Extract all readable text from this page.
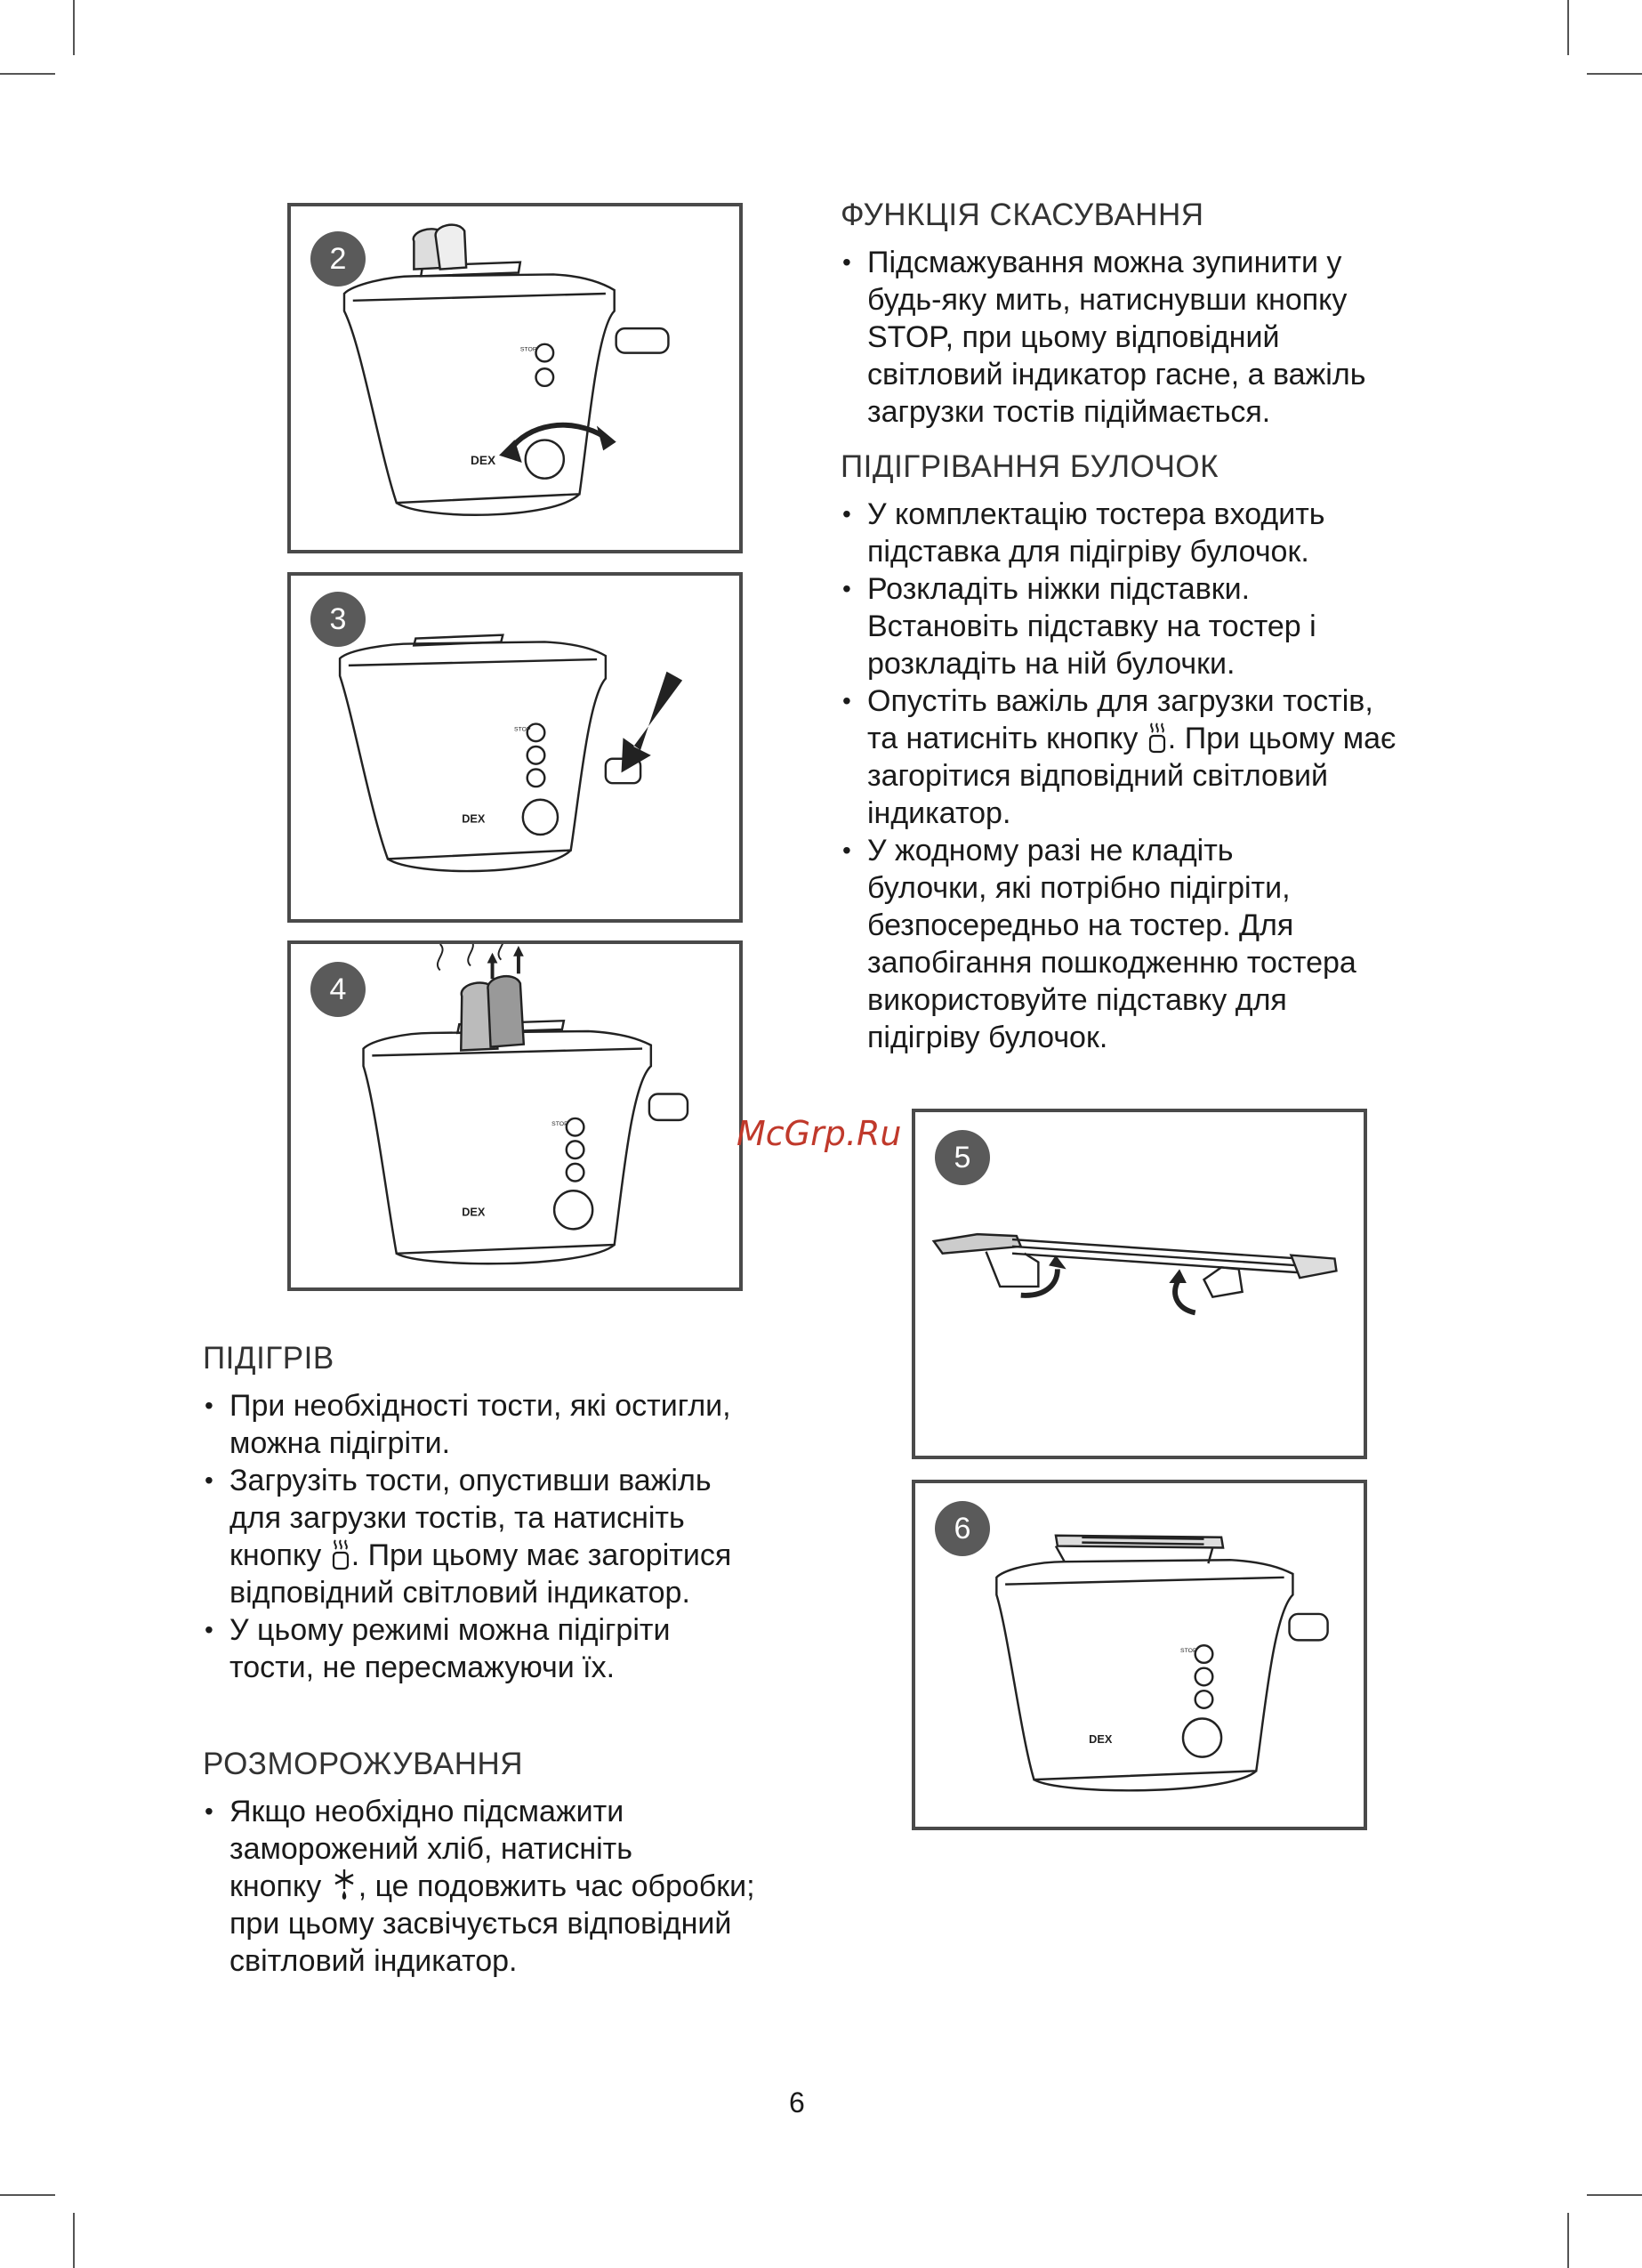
2
DEX
STOP
3
DEX
STOP
4
DEX
STOP
5
6
DEX
STOP
ФУНКЦІЯ СКАСУВАННЯ
• Підсмажування можна зупинити у
будь-яку мить, натиснувши кнопку
STOP, при цьому відповідний
світловий індикатор гасне, а важіль
загрузки тостів підіймається.
ПІДІГРІВАННЯ БУЛОЧОК
• У комплектацію тостера входить
підставка для підігріву булочок.
• Розкладіть ніжки підставки.
Встановіть підставку на тостер і
розкладіть на ній булочки.
• Опустіть важіль для загрузки тостів,
та натисніть кнопку . При цьому має
загорітися відповідний світловий
індикатор.
• У жодному разі не кладіть
булочки, які потрібно підігріти,
безпосередньо на тостер. Для
запобігання пошкодженню тостера
використовуйте підставку для
підігріву булочок.
ПІДІГРІВ
• При необхідності тости, які остигли,
можна підігріти.
• Загрузіть тости, опустивши важіль
для загрузки тостів, та натисніть
кнопку . При цьому має загорітися
відповідний світловий індикатор.
• У цьому режимі можна підігріти
тости, не пересмажуючи їх.
РОЗМОРОЖУВАННЯ
• Якщо необхідно підсмажити
заморожений хліб, натисніть
кнопку , це подовжить час обробки;
при цьому засвічується відповідний
світловий індикатор.
McGrp.Ru
6
